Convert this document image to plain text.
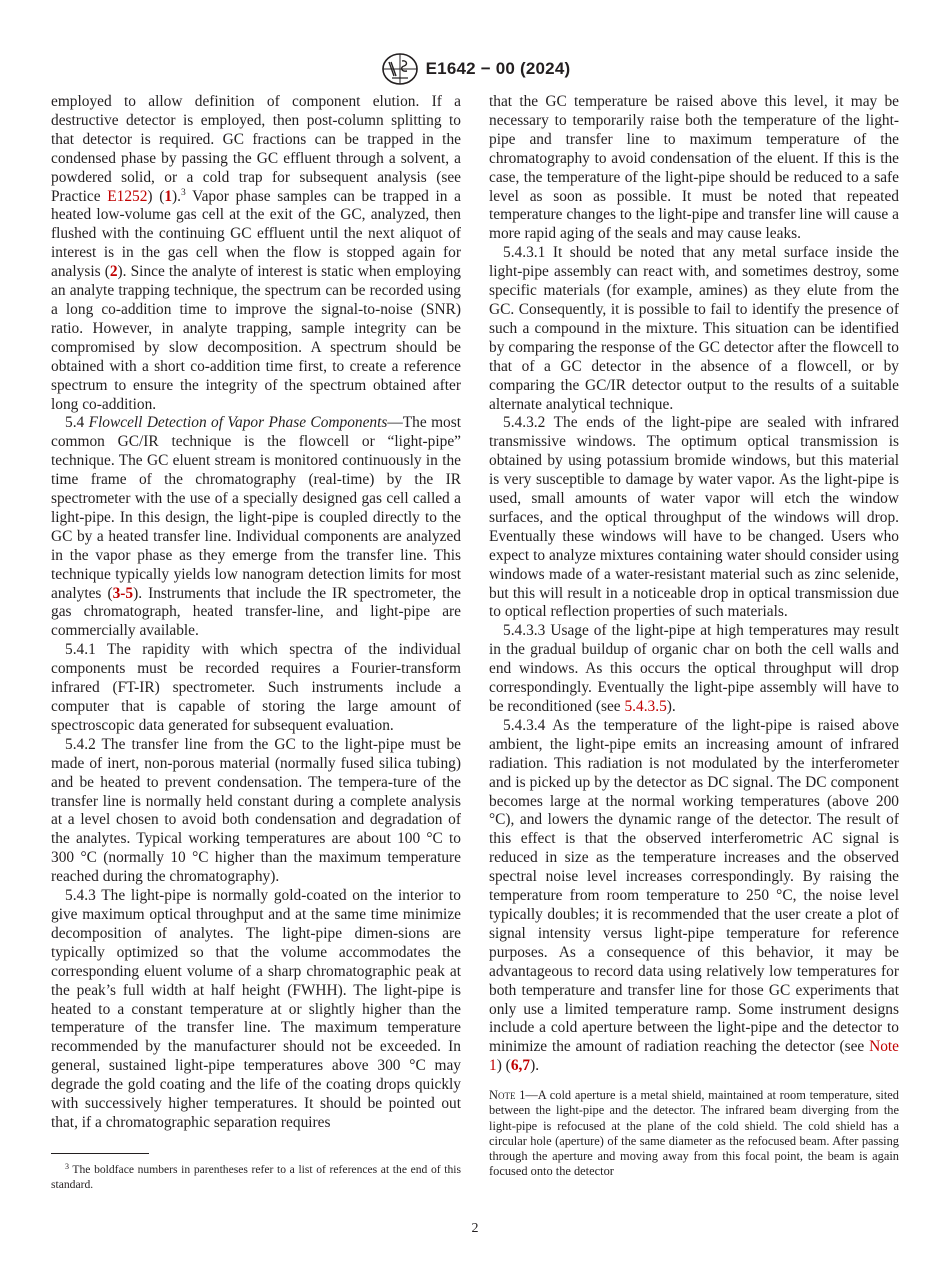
E1642 − 00 (2024)

employed to allow definition of component elution. If a destructive detector is employed, then post-column splitting to that detector is required. GC fractions can be trapped in the condensed phase by passing the GC effluent through a solvent, a powdered solid, or a cold trap for subsequent analysis (see Practice E1252) (1).$^3$ Vapor phase samples can be trapped in a heated low-volume gas cell at the exit of the GC, analyzed, then flushed with the continuing GC effluent until the next aliquot of interest is in the gas cell when the flow is stopped again for analysis (2). Since the analyte of interest is static when employing an analyte trapping technique, the spectrum can be recorded using a long co-addition time to improve the signal-to-noise (SNR) ratio. However, in analyte trapping, sample integrity can be compromised by slow decomposition. A spectrum should be obtained with a short co-addition time first, to create a reference spectrum to ensure the integrity of the spectrum obtained after long co-addition.

5.4 Flowcell Detection of Vapor Phase Components—The most common GC/IR technique is the flowcell or “light-pipe” technique. The GC eluent stream is monitored continuously in the time frame of the chromatography (real-time) by the IR spectrometer with the use of a specially designed gas cell called a light-pipe. In this design, the light-pipe is coupled directly to the GC by a heated transfer line. Individual components are analyzed in the vapor phase as they emerge from the transfer line. This technique typically yields low nanogram detection limits for most analytes (3-5). Instruments that include the IR spectrometer, the gas chromatograph, heated transfer-line, and light-pipe are commercially available.

5.4.1 The rapidity with which spectra of the individual components must be recorded requires a Fourier-transform infrared (FT-IR) spectrometer. Such instruments include a computer that is capable of storing the large amount of spectroscopic data generated for subsequent evaluation.

5.4.2 The transfer line from the GC to the light-pipe must be made of inert, non-porous material (normally fused silica tubing) and be heated to prevent condensation. The tempera-ture of the transfer line is normally held constant during a complete analysis at a level chosen to avoid both condensation and degradation of the analytes. Typical working temperatures are about 100 °C to 300 °C (normally 10 °C higher than the maximum temperature reached during the chromatography).

5.4.3 The light-pipe is normally gold-coated on the interior to give maximum optical throughput and at the same time minimize decomposition of analytes. The light-pipe dimen-sions are typically optimized so that the volume accommodates the corresponding eluent volume of a sharp chromatographic peak at the peak’s full width at half height (FWHH). The light-pipe is heated to a constant temperature at or slightly higher than the temperature of the transfer line. The maximum temperature recommended by the manufacturer should not be exceeded. In general, sustained light-pipe temperatures above 300 °C may degrade the gold coating and the life of the coating drops quickly with successively higher temperatures. It should be pointed out that, if a chromatographic separation requires

that the GC temperature be raised above this level, it may be necessary to temporarily raise both the temperature of the light-pipe and transfer line to maximum temperature of the chromatography to avoid condensation of the eluent. If this is the case, the temperature of the light-pipe should be reduced to a safe level as soon as possible. It must be noted that repeated temperature changes to the light-pipe and transfer line will cause a more rapid aging of the seals and may cause leaks.

5.4.3.1 It should be noted that any metal surface inside the light-pipe assembly can react with, and sometimes destroy, some specific materials (for example, amines) as they elute from the GC. Consequently, it is possible to fail to identify the presence of such a compound in the mixture. This situation can be identified by comparing the response of the GC detector after the flowcell to that of a GC detector in the absence of a flowcell, or by comparing the GC/IR detector output to the results of a suitable alternate analytical technique.

5.4.3.2 The ends of the light-pipe are sealed with infrared transmissive windows. The optimum optical transmission is obtained by using potassium bromide windows, but this material is very susceptible to damage by water vapor. As the light-pipe is used, small amounts of water vapor will etch the window surfaces, and the optical throughput of the windows will drop. Eventually these windows will have to be changed. Users who expect to analyze mixtures containing water should consider using windows made of a water-resistant material such as zinc selenide, but this will result in a noticeable drop in optical transmission due to optical reflection properties of such materials.

5.4.3.3 Usage of the light-pipe at high temperatures may result in the gradual buildup of organic char on both the cell walls and end windows. As this occurs the optical throughput will drop correspondingly. Eventually the light-pipe assembly will have to be reconditioned (see 5.4.3.5).

5.4.3.4 As the temperature of the light-pipe is raised above ambient, the light-pipe emits an increasing amount of infrared radiation. This radiation is not modulated by the interferometer and is picked up by the detector as DC signal. The DC component becomes large at the normal working temperatures (above 200 °C), and lowers the dynamic range of the detector. The result of this effect is that the observed interferometric AC signal is reduced in size as the temperature increases and the observed spectral noise level increases correspondingly. By raising the temperature from room temperature to 250 °C, the noise level typically doubles; it is recommended that the user create a plot of signal intensity versus light-pipe temperature for reference purposes. As a consequence of this behavior, it may be advantageous to record data using relatively low temperatures for both temperature and transfer line for those GC experiments that only use a limited temperature ramp. Some instrument designs include a cold aperture between the light-pipe and the detector to minimize the amount of radiation reaching the detector (see Note 1) (6,7).

Note 1—A cold aperture is a metal shield, maintained at room temperature, sited between the light-pipe and the detector. The infrared beam diverging from the light-pipe is refocused at the plane of the cold shield. The cold shield has a circular hole (aperture) of the same diameter as the refocused beam. After passing through the aperture and moving away from this focal point, the beam is again focused onto the detector

$^3$ The boldface numbers in parentheses refer to a list of references at the end of this standard.
2
